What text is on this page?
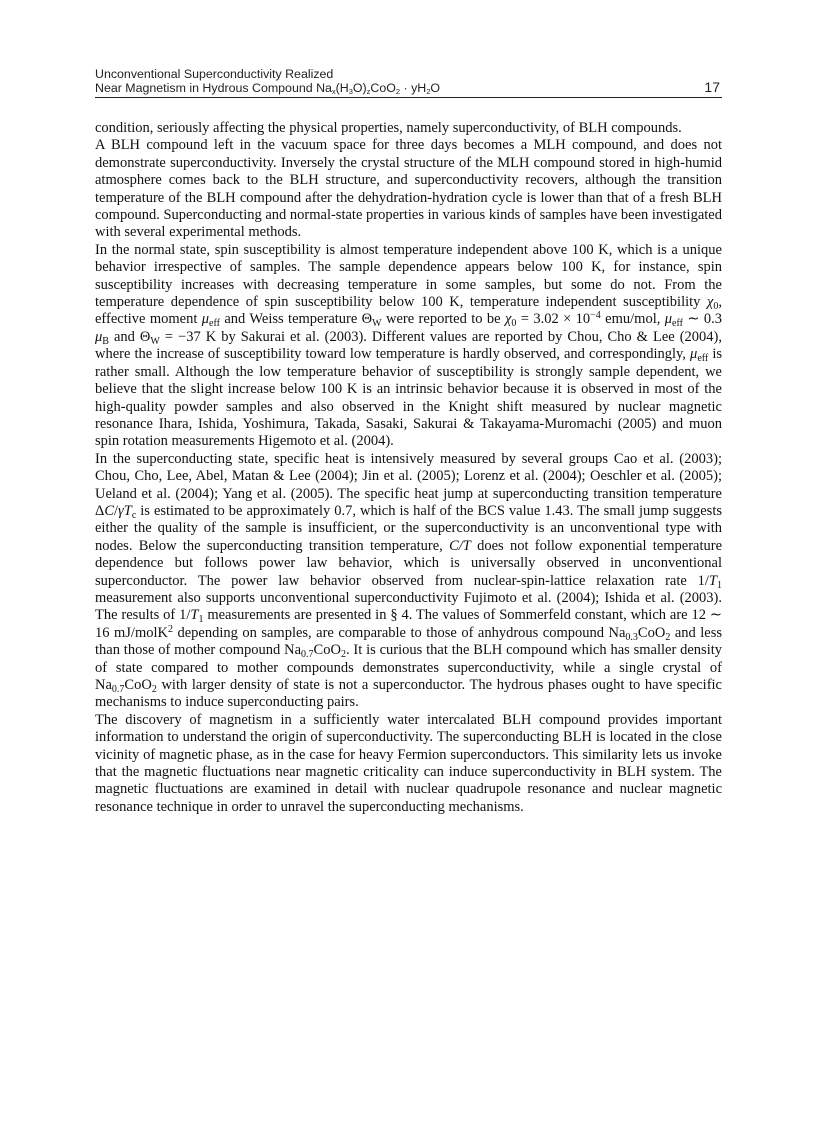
Unconventional Superconductivity Realized
Near Magnetism in Hydrous Compound $Na_x(H_3O)_zCoO_2 \cdot yH_2O$	17

condition, seriously affecting the physical properties, namely superconductivity, of BLH compounds.

A BLH compound left in the vacuum space for three days becomes a MLH compound, and does not demonstrate superconductivity. Inversely the crystal structure of the MLH compound stored in high-humid atmosphere comes back to the BLH structure, and superconductivity recovers, although the transition temperature of the BLH compound after the dehydration-hydration cycle is lower than that of a fresh BLH compound. Superconducting and normal-state properties in various kinds of samples have been investigated with several experimental methods.

In the normal state, spin susceptibility is almost temperature independent above 100 K, which is a unique behavior irrespective of samples. The sample dependence appears below 100 K, for instance, spin susceptibility increases with decreasing temperature in some samples, but some do not. From the temperature dependence of spin susceptibility below 100 K, temperature independent susceptibility $\chi_0$, effective moment $\mu_{eff}$ and Weiss temperature $\Theta_W$ were reported to be $\chi_0 = 3.02 \times 10^{-4}$ emu/mol, $\mu_{eff}$ ∼ 0.3 $\mu_B$ and $\Theta_W = -37$ K by Sakurai et al. (2003). Different values are reported by Chou, Cho & Lee (2004), where the increase of susceptibility toward low temperature is hardly observed, and correspondingly, $\mu_{eff}$ is rather small. Although the low temperature behavior of susceptibility is strongly sample dependent, we believe that the slight increase below 100 K is an intrinsic behavior because it is observed in most of the high-quality powder samples and also observed in the Knight shift measured by nuclear magnetic resonance Ihara, Ishida, Yoshimura, Takada, Sasaki, Sakurai & Takayama-Muromachi (2005) and muon spin rotation measurements Higemoto et al. (2004).

In the superconducting state, specific heat is intensively measured by several groups Cao et al. (2003); Chou, Cho, Lee, Abel, Matan & Lee (2004); Jin et al. (2005); Lorenz et al. (2004); Oeschler et al. (2005); Ueland et al. (2004); Yang et al. (2005). The specific heat jump at superconducting transition temperature $\Delta C/\gamma T_c$ is estimated to be approximately 0.7, which is half of the BCS value 1.43. The small jump suggests either the quality of the sample is insufficient, or the superconductivity is an unconventional type with nodes. Below the superconducting transition temperature, C/T does not follow exponential temperature dependence but follows power law behavior, which is universally observed in unconventional superconductor. The power law behavior observed from nuclear-spin-lattice relaxation rate $1/T_1$ measurement also supports unconventional superconductivity Fujimoto et al. (2004); Ishida et al. (2003). The results of $1/T_1$ measurements are presented in § 4. The values of Sommerfeld constant, which are 12 ∼ 16 mJ/molK$^2$ depending on samples, are comparable to those of anhydrous compound $Na_{0.3}CoO_2$ and less than those of mother compound $Na_{0.7}CoO_2$. It is curious that the BLH compound which has smaller density of state compared to mother compounds demonstrates superconductivity, while a single crystal of $Na_{0.7}CoO_2$ with larger density of state is not a superconductor. The hydrous phases ought to have specific mechanisms to induce superconducting pairs.

The discovery of magnetism in a sufficiently water intercalated BLH compound provides important information to understand the origin of superconductivity. The superconducting BLH is located in the close vicinity of magnetic phase, as in the case for heavy Fermion superconductors. This similarity lets us invoke that the magnetic fluctuations near magnetic criticality can induce superconductivity in BLH system. The magnetic fluctuations are examined in detail with nuclear quadrupole resonance and nuclear magnetic resonance technique in order to unravel the superconducting mechanisms.
